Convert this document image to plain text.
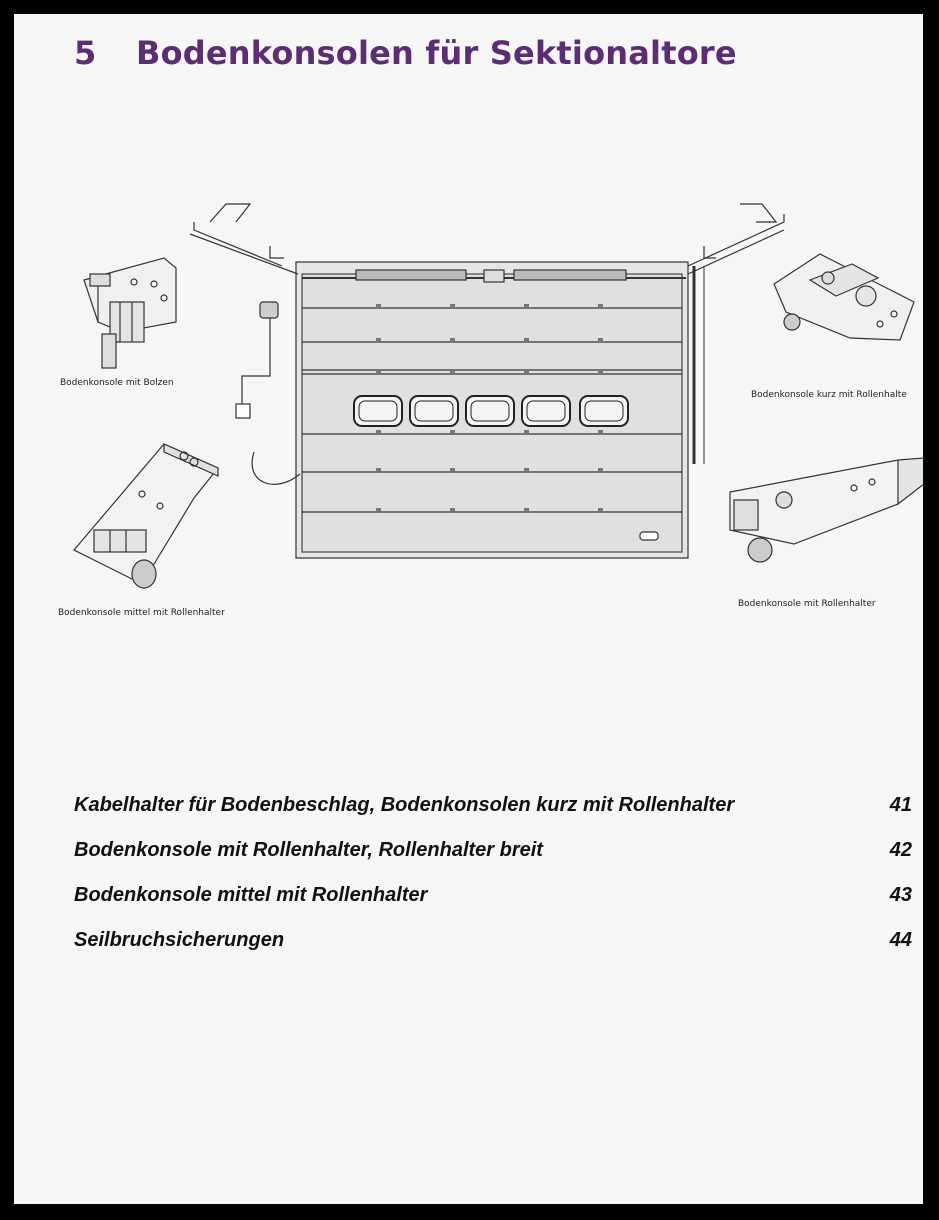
5 Bodenkonsolen für Sektionaltore
Bodenkonsole mit Bolzen
Bodenkonsole kurz mit Rollenhalte
Bodenkonsole mittel mit Rollenhalter
Bodenkonsole mit Rollenhalter
Kabelhalter für Bodenbeschlag, Bodenkonsolen kurz mit Rollenhalter	41
Bodenkonsole mit Rollenhalter, Rollenhalter breit	42
Bodenkonsole mittel mit Rollenhalter	43
Seilbruchsicherungen	44
